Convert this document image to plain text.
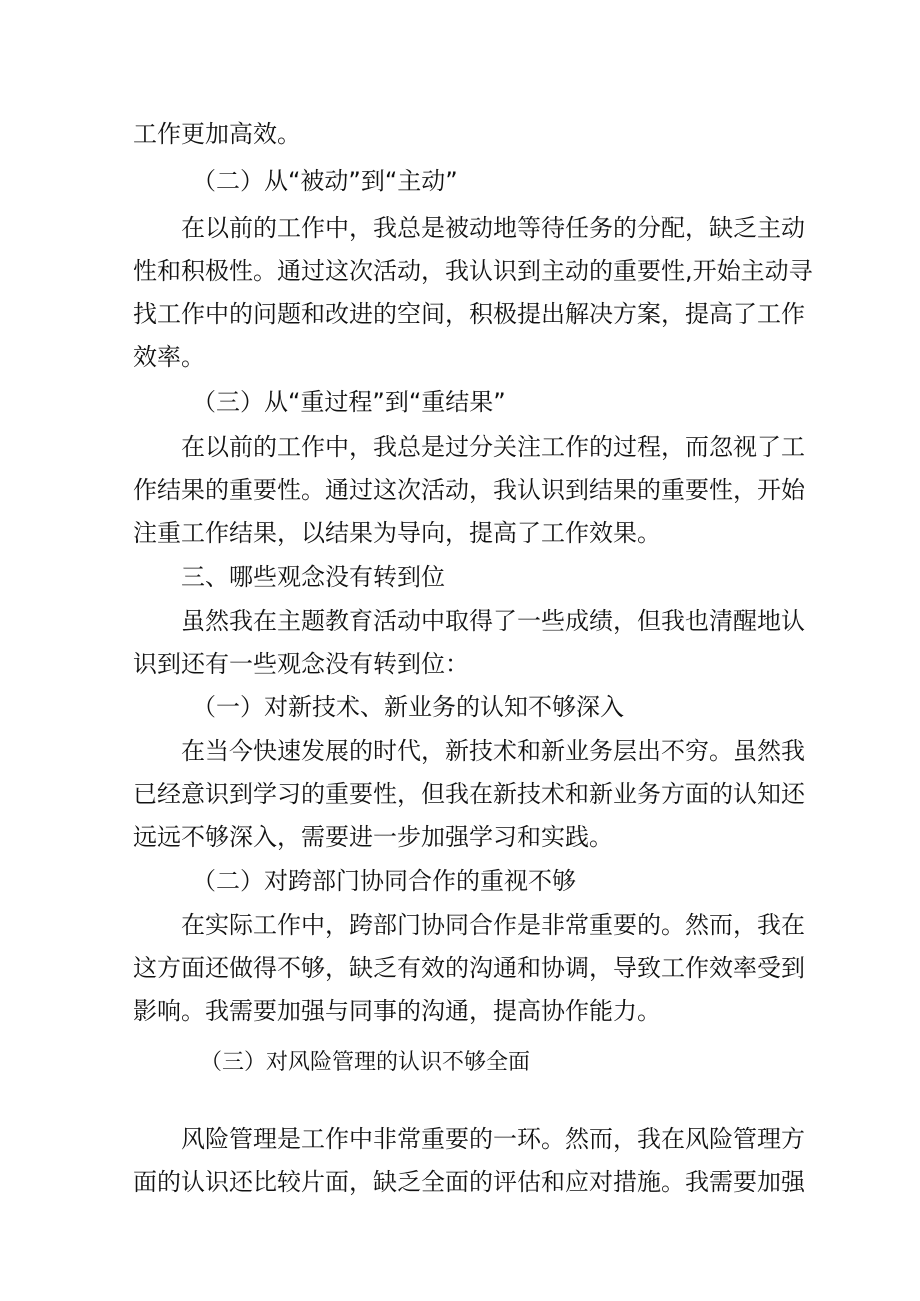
工作更加高效。
（二）从“被动”到“主动”
在以前的工作中，我总是被动地等待任务的分配，缺乏主动
性和积极性。通过这次活动，我认识到主动的重要性,开始主动寻
找工作中的问题和改进的空间，积极提出解决方案，提高了工作
效率。
（三）从“重过程”到“重结果”
在以前的工作中，我总是过分关注工作的过程，而忽视了工
作结果的重要性。通过这次活动，我认识到结果的重要性，开始
注重工作结果，以结果为导向，提高了工作效果。
三、哪些观念没有转到位
虽然我在主题教育活动中取得了一些成绩，但我也清醒地认
识到还有一些观念没有转到位：
（一）对新技术、新业务的认知不够深入
在当今快速发展的时代，新技术和新业务层出不穷。虽然我
已经意识到学习的重要性，但我在新技术和新业务方面的认知还
远远不够深入，需要进一步加强学习和实践。
（二）对跨部门协同合作的重视不够
在实际工作中，跨部门协同合作是非常重要的。然而，我在
这方面还做得不够，缺乏有效的沟通和协调，导致工作效率受到
影响。我需要加强与同事的沟通，提高协作能力。
（三）对风险管理的认识不够全面
风险管理是工作中非常重要的一环。然而，我在风险管理方
面的认识还比较片面，缺乏全面的评估和应对措施。我需要加强
